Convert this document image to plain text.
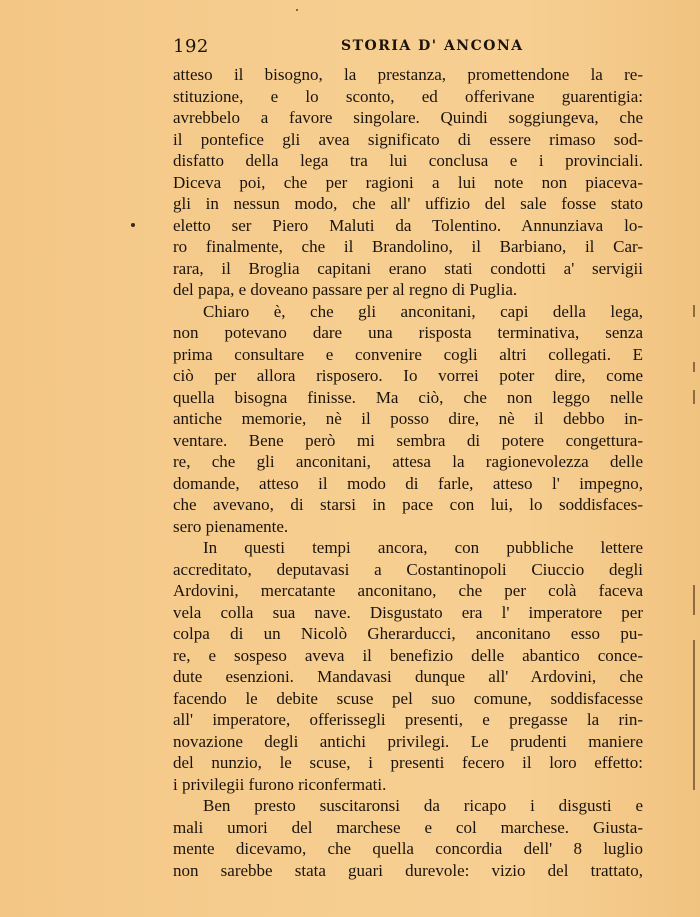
192	STORIA D' ANCONA
atteso il bisogno, la prestanza, promettendone la re-
stituzione, e lo sconto, ed offerivane guarentigia:
avrebbelo a favore singolare. Quindi soggiungeva, che
il pontefice gli avea significato di essere rimaso sod-
disfatto della lega tra lui conclusa e i provinciali.
Diceva poi, che per ragioni a lui note non piaceva-
gli in nessun modo, che all' uffizio del sale fosse stato
eletto ser Piero Maluti da Tolentino. Annunziava lo-
ro finalmente, che il Brandolino, il Barbiano, il Car-
rara, il Broglia capitani erano stati condotti a' servigii
del papa, e doveano passare per al regno di Puglia.
Chiaro è, che gli anconitani, capi della lega,
non potevano dare una risposta terminativa, senza
prima consultare e convenire cogli altri collegati. E
ciò per allora risposero. Io vorrei poter dire, come
quella bisogna finisse. Ma ciò, che non leggo nelle
antiche memorie, nè il posso dire, nè il debbo in-
ventare. Bene però mi sembra di potere congettura-
re, che gli anconitani, attesa la ragionevolezza delle
domande, atteso il modo di farle, atteso l' impegno,
che avevano, di starsi in pace con lui, lo soddisfaces-
sero pienamente.
In questi tempi ancora, con pubbliche lettere
accreditato, deputavasi a Costantinopoli Ciuccio degli
Ardovini, mercatante anconitano, che per colà faceva
vela colla sua nave. Disgustato era l' imperatore per
colpa di un Nicolò Gherarducci, anconitano esso pu-
re, e sospeso aveva il benefizio delle abantico conce-
dute esenzioni. Mandavasi dunque all' Ardovini, che
facendo le debite scuse pel suo comune, soddisfacesse
all' imperatore, offerissegli presenti, e pregasse la rin-
novazione degli antichi privilegi. Le prudenti maniere
del nunzio, le scuse, i presenti fecero il loro effetto:
i privilegii furono riconfermati.
Ben presto suscitaronsi da ricapo i disgusti e
mali umori del marchese e col marchese. Giusta-
mente dicevamo, che quella concordia dell' 8 luglio
non sarebbe stata guari durevole: vizio del trattato,
